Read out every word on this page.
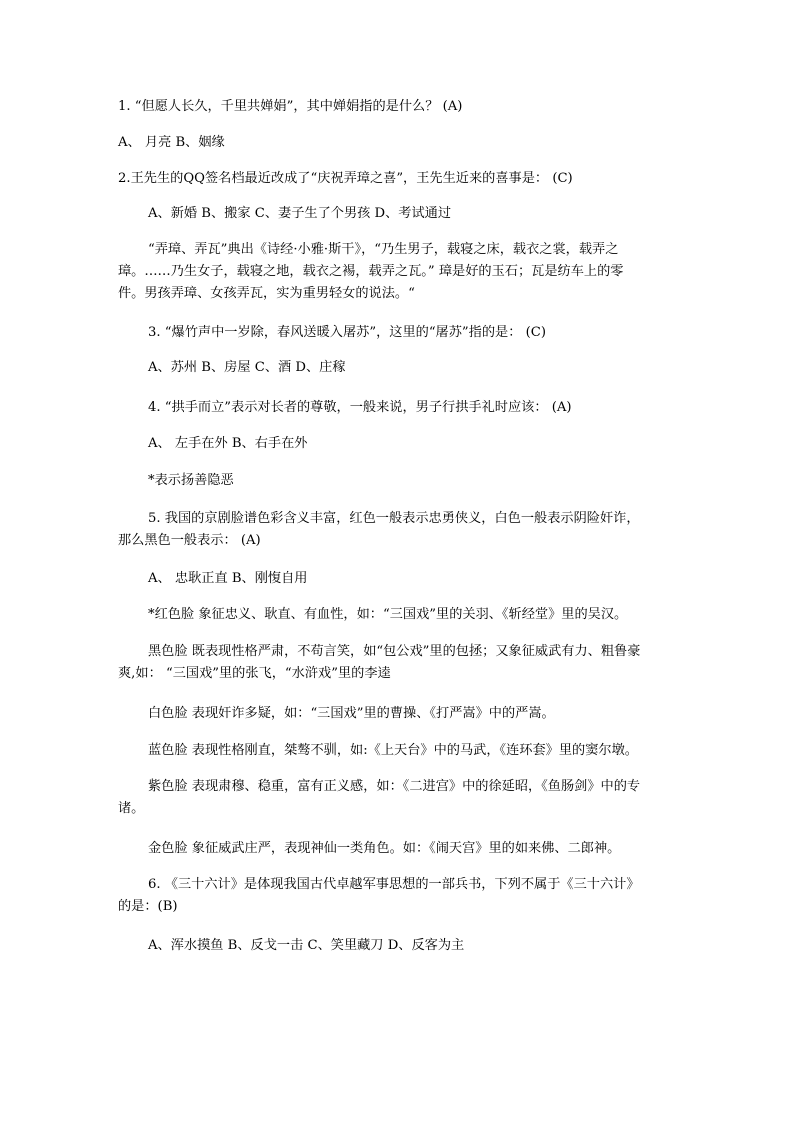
1. “但愿人长久，千里共婵娟”，其中婵娟指的是什么？ (A)

A、 月亮 B、姻缘

2.王先生的QQ签名档最近改成了“庆祝弄璋之喜”，王先生近来的喜事是： (C)

A、新婚 B、搬家 C、妻子生了个男孩 D、考试通过

“弄璋、弄瓦”典出《诗经·小雅·斯干》，“乃生男子，载寝之床，载衣之裳，载弄之璋。……乃生女子，载寝之地，载衣之裼，载弄之瓦。” 璋是好的玉石；瓦是纺车上的零件。男孩弄璋、女孩弄瓦，实为重男轻女的说法。“

3. “爆竹声中一岁除，春风送暖入屠苏”，这里的“屠苏”指的是： (C)

A、苏州 B、房屋 C、酒 D、庄稼

4. “拱手而立”表示对长者的尊敬，一般来说，男子行拱手礼时应该： (A)

A、 左手在外 B、右手在外

*表示扬善隐恶

5. 我国的京剧脸谱色彩含义丰富，红色一般表示忠勇侠义，白色一般表示阴险奸诈，那么黑色一般表示： (A)

A、 忠耿正直 B、刚愎自用

*红色脸 象征忠义、耿直、有血性，如：“三国戏”里的关羽、《斩经堂》里的吴汉。

黑色脸 既表现性格严肃，不苟言笑，如“包公戏”里的包拯；又象征威武有力、粗鲁豪爽,如： “三国戏”里的张飞，“水浒戏”里的李逵

白色脸 表现奸诈多疑，如：“三国戏”里的曹操、《打严嵩》中的严嵩。

蓝色脸 表现性格刚直，桀骜不驯，如:《上天台》中的马武，《连环套》里的窦尔墩。

紫色脸 表现肃穆、稳重，富有正义感，如：《二进宫》中的徐延昭，《鱼肠剑》中的专诸。

金色脸 象征威武庄严，表现神仙一类角色。如：《闹天宫》里的如来佛、二郎神。

6. 《三十六计》是体现我国古代卓越军事思想的一部兵书，下列不属于《三十六计》的是：(B)

A、浑水摸鱼 B、反戈一击 C、笑里藏刀 D、反客为主
